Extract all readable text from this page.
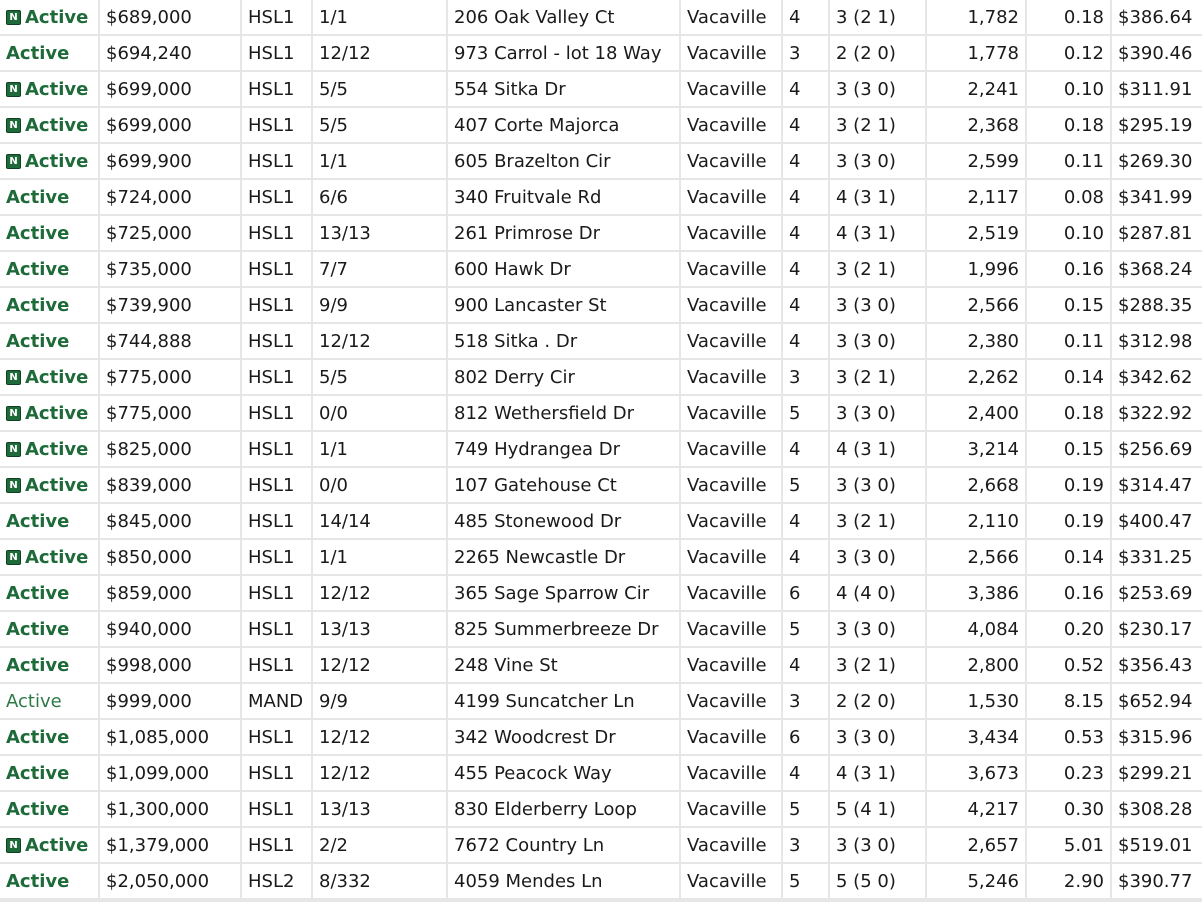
N Active	$689,000	HSL1	1/1	206 Oak Valley Ct	Vacaville	4	3 (2 1)	1,782	0.18	$386.64

Active	$694,240	HSL1	12/12	973 Carrol - lot 18 Way	Vacaville	3	2 (2 0)	1,778	0.12	$390.46

N Active	$699,000	HSL1	5/5	554 Sitka Dr	Vacaville	4	3 (3 0)	2,241	0.10	$311.91

N Active	$699,000	HSL1	5/5	407 Corte Majorca	Vacaville	4	3 (2 1)	2,368	0.18	$295.19

N Active	$699,900	HSL1	1/1	605 Brazelton Cir	Vacaville	4	3 (3 0)	2,599	0.11	$269.30

Active	$724,000	HSL1	6/6	340 Fruitvale Rd	Vacaville	4	4 (3 1)	2,117	0.08	$341.99

Active	$725,000	HSL1	13/13	261 Primrose Dr	Vacaville	4	4 (3 1)	2,519	0.10	$287.81

Active	$735,000	HSL1	7/7	600 Hawk Dr	Vacaville	4	3 (2 1)	1,996	0.16	$368.24

Active	$739,900	HSL1	9/9	900 Lancaster St	Vacaville	4	3 (3 0)	2,566	0.15	$288.35

Active	$744,888	HSL1	12/12	518 Sitka . Dr	Vacaville	4	3 (3 0)	2,380	0.11	$312.98

N Active	$775,000	HSL1	5/5	802 Derry Cir	Vacaville	3	3 (2 1)	2,262	0.14	$342.62

N Active	$775,000	HSL1	0/0	812 Wethersfield Dr	Vacaville	5	3 (3 0)	2,400	0.18	$322.92

N Active	$825,000	HSL1	1/1	749 Hydrangea Dr	Vacaville	4	4 (3 1)	3,214	0.15	$256.69

N Active	$839,000	HSL1	0/0	107 Gatehouse Ct	Vacaville	5	3 (3 0)	2,668	0.19	$314.47

Active	$845,000	HSL1	14/14	485 Stonewood Dr	Vacaville	4	3 (2 1)	2,110	0.19	$400.47

N Active	$850,000	HSL1	1/1	2265 Newcastle Dr	Vacaville	4	3 (3 0)	2,566	0.14	$331.25

Active	$859,000	HSL1	12/12	365 Sage Sparrow Cir	Vacaville	6	4 (4 0)	3,386	0.16	$253.69

Active	$940,000	HSL1	13/13	825 Summerbreeze Dr	Vacaville	5	3 (3 0)	4,084	0.20	$230.17

Active	$998,000	HSL1	12/12	248 Vine St	Vacaville	4	3 (2 1)	2,800	0.52	$356.43

Active	$999,000	MAND	9/9	4199 Suncatcher Ln	Vacaville	3	2 (2 0)	1,530	8.15	$652.94

Active	$1,085,000	HSL1	12/12	342 Woodcrest Dr	Vacaville	6	3 (3 0)	3,434	0.53	$315.96

Active	$1,099,000	HSL1	12/12	455 Peacock Way	Vacaville	4	4 (3 1)	3,673	0.23	$299.21

Active	$1,300,000	HSL1	13/13	830 Elderberry Loop	Vacaville	5	5 (4 1)	4,217	0.30	$308.28

N Active	$1,379,000	HSL1	2/2	7672 Country Ln	Vacaville	3	3 (3 0)	2,657	5.01	$519.01

Active	$2,050,000	HSL2	8/332	4059 Mendes Ln	Vacaville	5	5 (5 0)	5,246	2.90	$390.77
